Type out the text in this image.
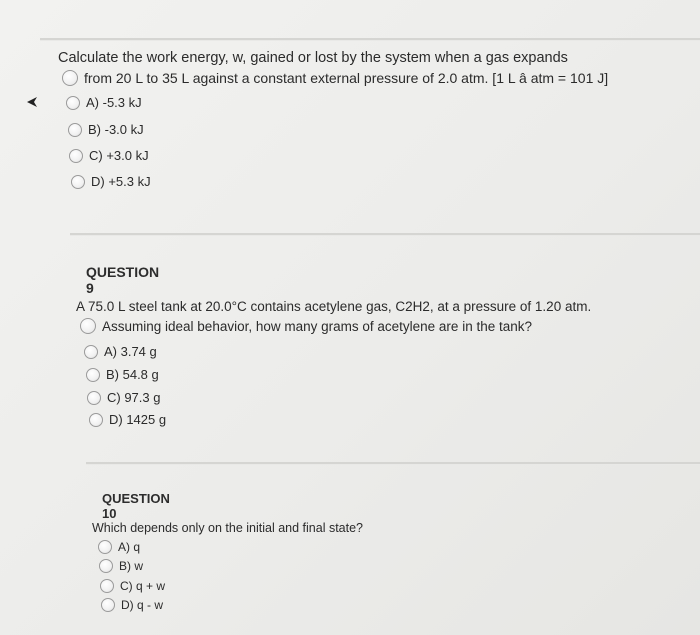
Calculate the work energy, w, gained or lost by the system when a gas expands
from 20 L to 35 L against a constant external pressure of 2.0 atm. [1 L â atm = 101 J]
A) -5.3 kJ
B) -3.0 kJ
C) +3.0 kJ
D) +5.3 kJ
QUESTION 9
A 75.0 L steel tank at 20.0°C contains acetylene gas, C2H2, at a pressure of 1.20 atm.
Assuming ideal behavior, how many grams of acetylene are in the tank?
A) 3.74 g
B) 54.8 g
C) 97.3 g
D) 1425 g
QUESTION 10
Which depends only on the initial and final state?
A) q
B) w
C) q + w
D) q - w
